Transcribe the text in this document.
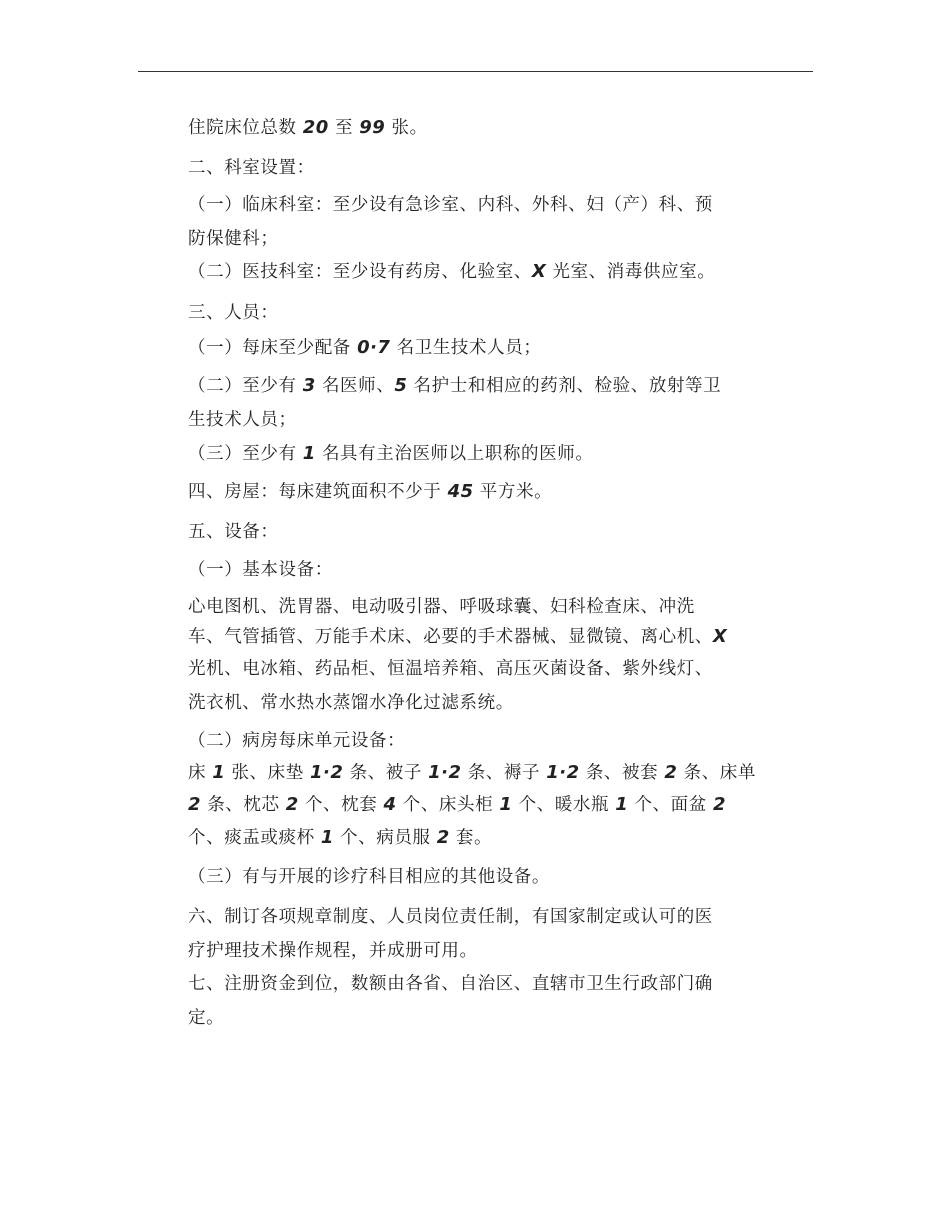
住院床位总数 20 至 99 张。
二、科室设置：
（一）临床科室：至少设有急诊室、内科、外科、妇（产）科、预
防保健科；
（二）医技科室：至少设有药房、化验室、X 光室、消毒供应室。
三、人员：
（一）每床至少配备 0·7 名卫生技术人员；
（二）至少有 3 名医师、5 名护士和相应的药剂、检验、放射等卫
生技术人员；
（三）至少有 1 名具有主治医师以上职称的医师。
四、房屋：每床建筑面积不少于 45 平方米。
五、设备：
（一）基本设备：
心电图机、洗胃器、电动吸引器、呼吸球囊、妇科检查床、冲洗
车、气管插管、万能手术床、必要的手术器械、显微镜、离心机、X
光机、电冰箱、药品柜、恒温培养箱、高压灭菌设备、紫外线灯、
洗衣机、常水热水蒸馏水净化过滤系统。
（二）病房每床单元设备：
床 1 张、床垫 1·2 条、被子 1·2 条、褥子 1·2 条、被套 2 条、床单
2 条、枕芯 2 个、枕套 4 个、床头柜 1 个、暖水瓶 1 个、面盆 2
个、痰盂或痰杯 1 个、病员服 2 套。
（三）有与开展的诊疗科目相应的其他设备。
六、制订各项规章制度、人员岗位责任制，有国家制定或认可的医
疗护理技术操作规程，并成册可用。
七、注册资金到位，数额由各省、自治区、直辖市卫生行政部门确
定。
